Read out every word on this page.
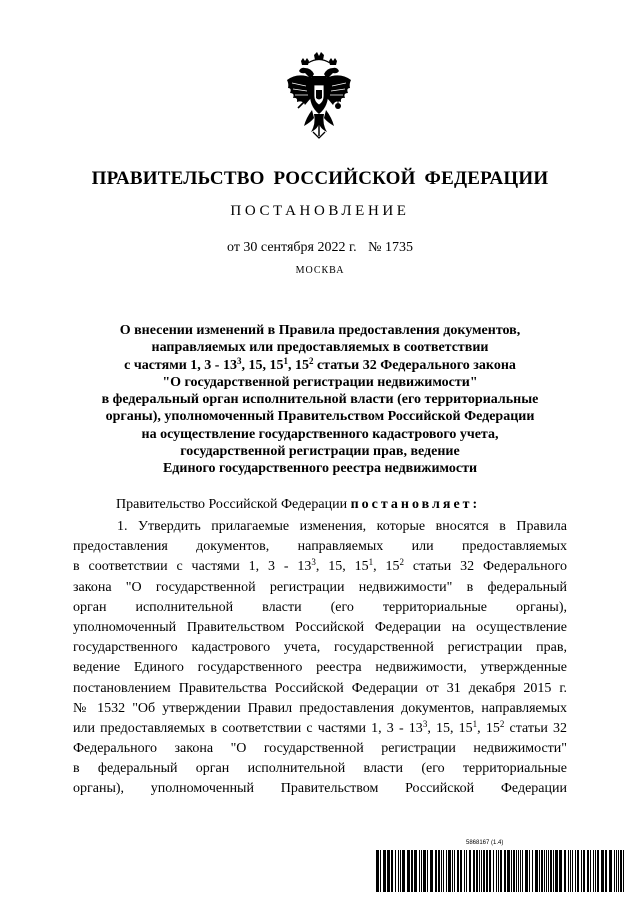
ПРАВИТЕЛЬСТВО РОССИЙСКОЙ ФЕДЕРАЦИИ
ПОСТАНОВЛЕНИЕ
от 30 сентября 2022 г. № 1735
МОСКВА
О внесении изменений в Правила предоставления документов,
направляемых или предоставляемых в соответствии
с частями 1, $3 - 13^3$, 15, $15^1$, $15^2$ статьи 32 Федерального закона
"О государственной регистрации недвижимости"
в федеральный орган исполнительной власти (его территориальные
органы), уполномоченный Правительством Российской Федерации
на осуществление государственного кадастрового учета,
государственной регистрации прав, ведение
Единого государственного реестра недвижимости
Правительство Российской Федерации постановляет:
1. Утвердить прилагаемые изменения, которые вносятся в Правила
предоставления документов, направляемых или предоставляемых
в соответствии с частями 1, $3 - 13^3$, 15, $15^1$, $15^2$ статьи 32 Федерального
закона "О государственной регистрации недвижимости" в федеральный
орган исполнительной власти (его территориальные органы),
уполномоченный Правительством Российской Федерации на осуществление
государственного кадастрового учета, государственной регистрации прав,
ведение Единого государственного реестра недвижимости, утвержденные
постановлением Правительства Российской Федерации от 31 декабря 2015 г.
№ 1532 "Об утверждении Правил предоставления документов, направляемых
или предоставляемых в соответствии с частями 1, $3 - 13^3$, 15, $15^1$, $15^2$ статьи 32
Федерального закона "О государственной регистрации недвижимости"
в федеральный орган исполнительной власти (его территориальные
органы), уполномоченный Правительством Российской Федерации
5868167 (1.4)
